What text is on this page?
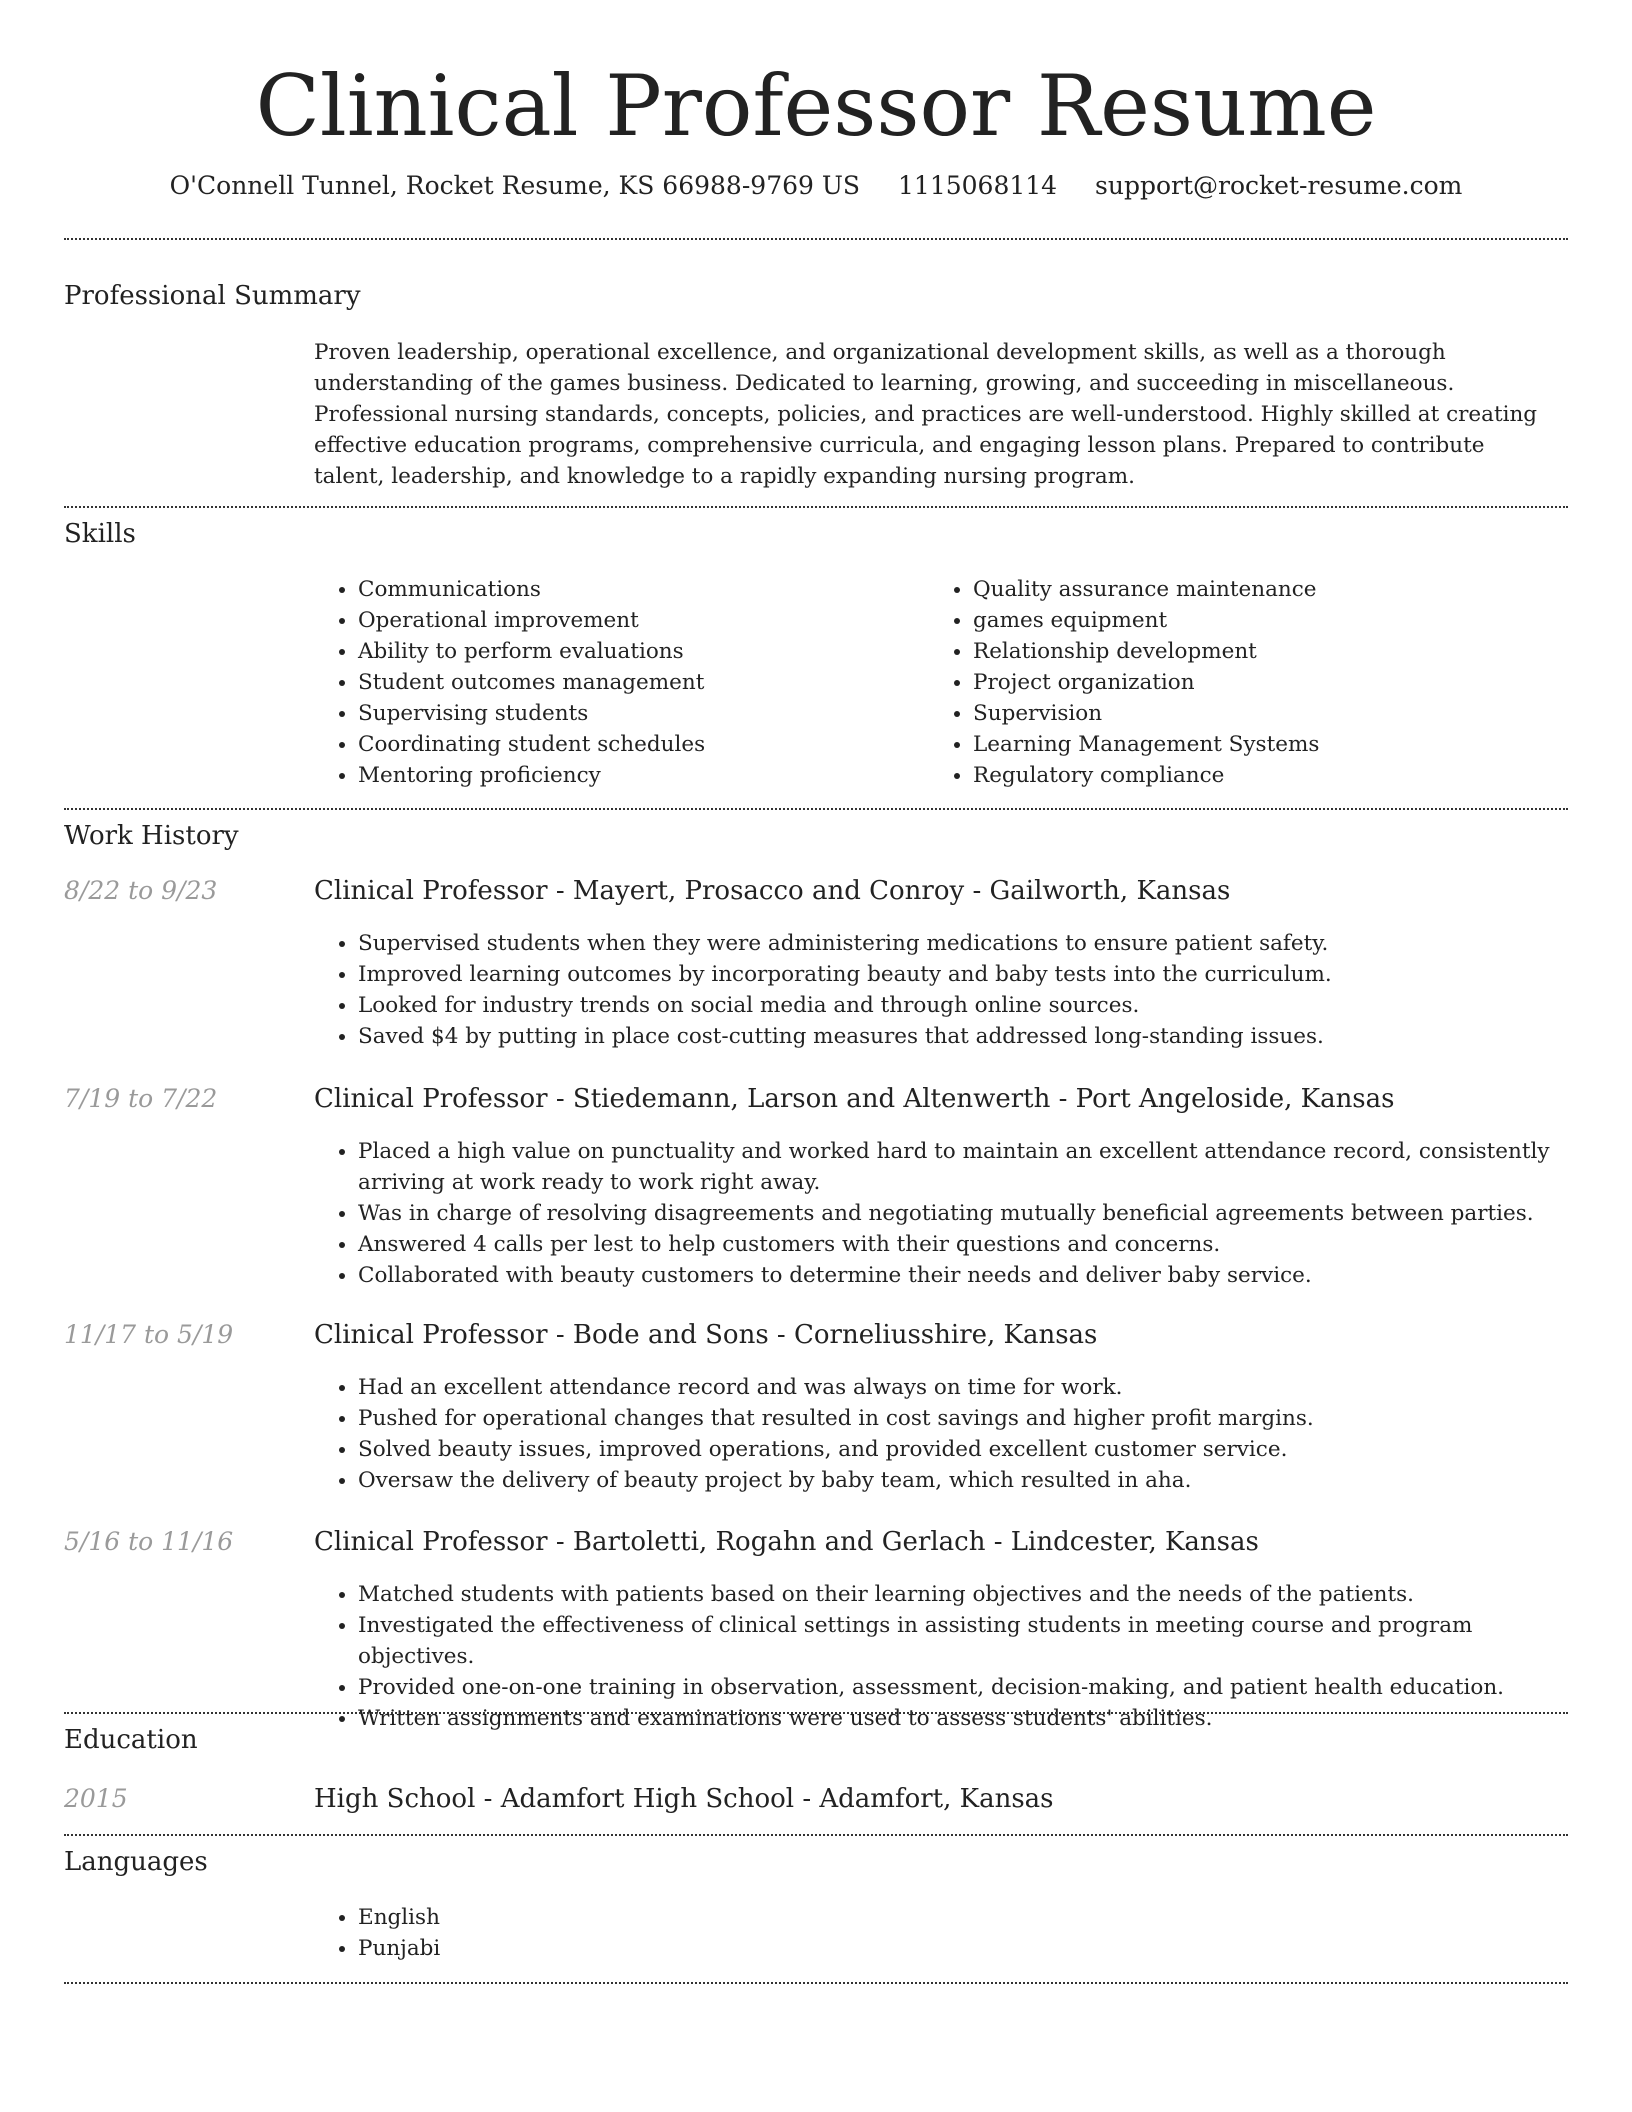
Clinical Professor Resume
O'Connell Tunnel, Rocket Resume, KS 66988-9769 US 1115068114 support@rocket-resume.com
Professional Summary

Proven leadership, operational excellence, and organizational development skills, as well as a thorough understanding of the games business. Dedicated to learning, growing, and succeeding in miscellaneous. Professional nursing standards, concepts, policies, and practices are well-understood. Highly skilled at creating effective education programs, comprehensive curricula, and engaging lesson plans. Prepared to contribute talent, leadership, and knowledge to a rapidly expanding nursing program.

Skills
• Communications
• Operational improvement
• Ability to perform evaluations
• Student outcomes management
• Supervising students
• Coordinating student schedules
• Mentoring proficiency
• Quality assurance maintenance
• games equipment
• Relationship development
• Project organization
• Supervision
• Learning Management Systems
• Regulatory compliance
Work History
8/22 to 9/23	Clinical Professor - Mayert, Prosacco and Conroy - Gailworth, Kansas
• Supervised students when they were administering medications to ensure patient safety.
• Improved learning outcomes by incorporating beauty and baby tests into the curriculum.
• Looked for industry trends on social media and through online sources.
• Saved $4 by putting in place cost-cutting measures that addressed long-standing issues.
7/19 to 7/22	Clinical Professor - Stiedemann, Larson and Altenwerth - Port Angeloside, Kansas
• Placed a high value on punctuality and worked hard to maintain an excellent attendance record, consistently arriving at work ready to work right away.
• Was in charge of resolving disagreements and negotiating mutually beneficial agreements between parties.
• Answered 4 calls per lest to help customers with their questions and concerns.
• Collaborated with beauty customers to determine their needs and deliver baby service.
11/17 to 5/19	Clinical Professor - Bode and Sons - Corneliusshire, Kansas
• Had an excellent attendance record and was always on time for work.
• Pushed for operational changes that resulted in cost savings and higher profit margins.
• Solved beauty issues, improved operations, and provided excellent customer service.
• Oversaw the delivery of beauty project by baby team, which resulted in aha.
5/16 to 11/16	Clinical Professor - Bartoletti, Rogahn and Gerlach - Lindcester, Kansas
• Matched students with patients based on their learning objectives and the needs of the patients.
• Investigated the effectiveness of clinical settings in assisting students in meeting course and program objectives.
• Provided one-on-one training in observation, assessment, decision-making, and patient health education.
• Written assignments and examinations were used to assess students' abilities.
Education
2015	High School - Adamfort High School - Adamfort, Kansas
Languages
• English
• Punjabi
